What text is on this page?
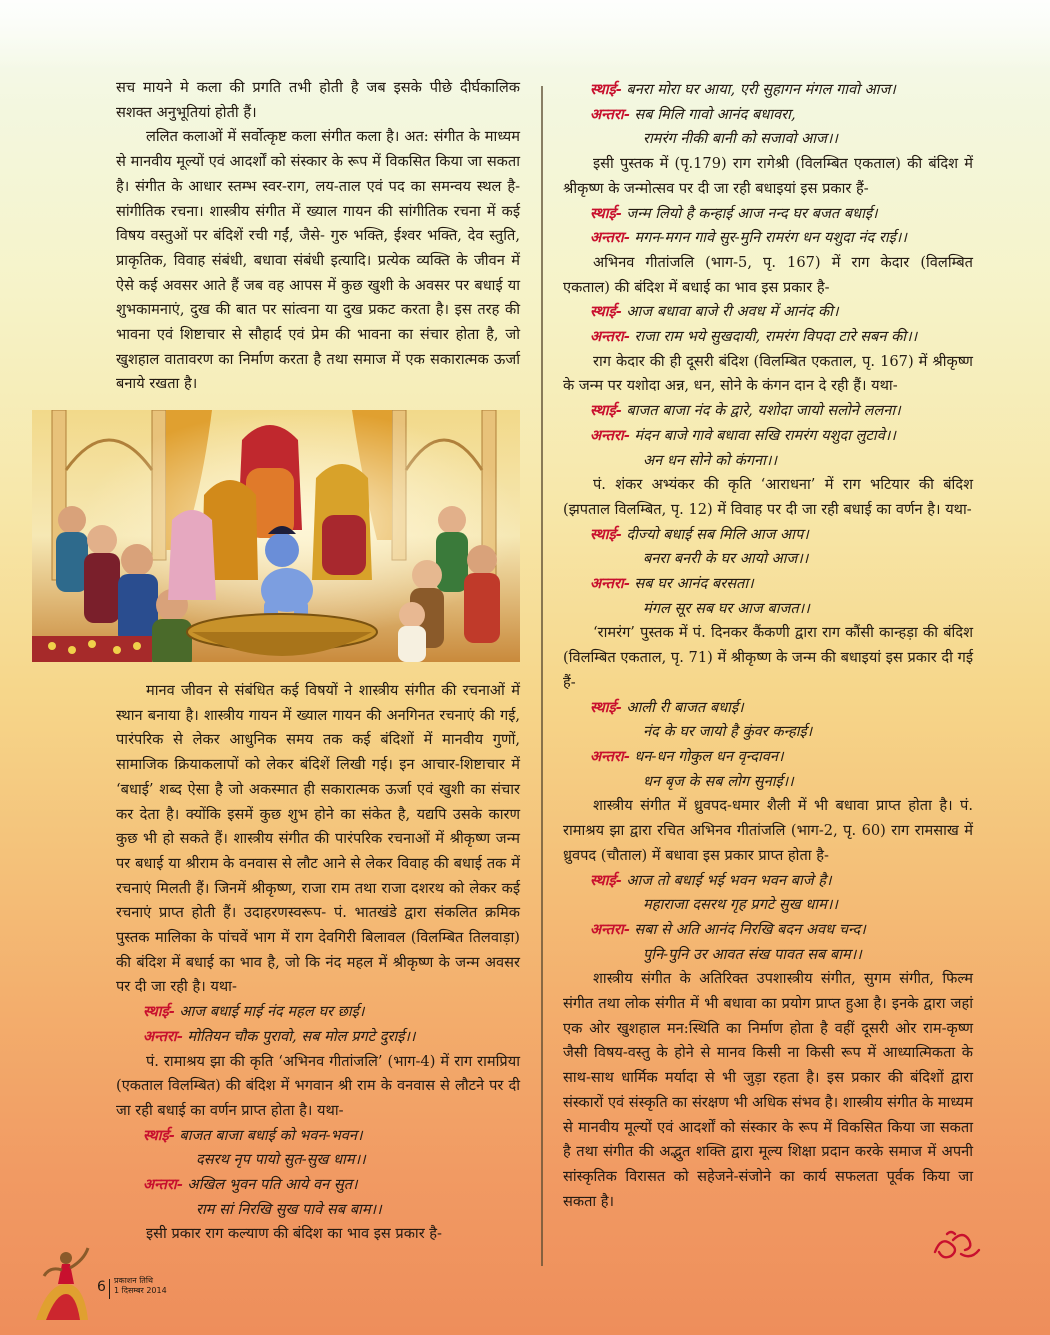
सच मायने मे कला की प्रगति तभी होती है जब इसके पीछे दीर्घकालिक सशक्त अनुभूतियां होती हैं।

ललित कलाओं में सर्वोत्कृष्ट कला संगीत कला है। अत: संगीत के माध्यम से मानवीय मूल्यों एवं आदर्शों को संस्कार के रूप में विकसित किया जा सकता है। संगीत के आधार स्तम्भ स्वर-राग, लय-ताल एवं पद का समन्वय स्थल है- सांगीतिक रचना। शास्त्रीय संगीत में ख्याल गायन की सांगीतिक रचना में कई विषय वस्तुओं पर बंदिशें रची गईं, जैसे- गुरु भक्ति, ईश्वर भक्ति, देव स्तुति, प्राकृतिक, विवाह संबंधी, बधावा संबंधी इत्यादि। प्रत्येक व्यक्ति के जीवन में ऐसे कई अवसर आते हैं जब वह आपस में कुछ खुशी के अवसर पर बधाई या शुभकामनाएं, दुख की बात पर सांत्वना या दुख प्रकट करता है। इस तरह की भावना एवं शिष्टाचार से सौहार्द एवं प्रेम की भावना का संचार होता है, जो खुशहाल वातावरण का निर्माण करता है तथा समाज में एक सकारात्मक ऊर्जा बनाये रखता है।

मानव जीवन से संबंधित कई विषयों ने शास्त्रीय संगीत की रचनाओं में स्थान बनाया है। शास्त्रीय गायन में ख्याल गायन की अनगिनत रचनाएं की गई, पारंपरिक से लेकर आधुनिक समय तक कई बंदिशों में मानवीय गुणों, सामाजिक क्रियाकलापों को लेकर बंदिशें लिखी गई। इन आचार-शिष्टाचार में ‘बधाई’ शब्द ऐसा है जो अकस्मात ही सकारात्मक ऊर्जा एवं खुशी का संचार कर देता है। क्योंकि इसमें कुछ शुभ होने का संकेत है, यद्यपि उसके कारण कुछ भी हो सकते हैं। शास्त्रीय संगीत की पारंपरिक रचनाओं में श्रीकृष्ण जन्म पर बधाई या श्रीराम के वनवास से लौट आने से लेकर विवाह की बधाई तक में रचनाएं मिलती हैं। जिनमें श्रीकृष्ण, राजा राम तथा राजा दशरथ को लेकर कई रचनाएं प्राप्त होती हैं। उदाहरणस्वरूप- पं. भातखंडे द्वारा संकलित क्रमिक पुस्तक मालिका के पांचवें भाग में राग देवगिरी बिलावल (विलम्बित तिलवाड़ा) की बंदिश में बधाई का भाव है, जो कि नंद महल में श्रीकृष्ण के जन्म अवसर पर दी जा रही है। यथा-

स्थाई- आज बधाई माई नंद महल घर छाई।
अन्तरा- मोतियन चौक पुरावो, सब मोल प्रगटे दुराई।।

पं. रामाश्रय झा की कृति ‘अभिनव गीतांजलि’ (भाग-4) में राग रामप्रिया (एकताल विलम्बित) की बंदिश में भगवान श्री राम के वनवास से लौटने पर दी जा रही बधाई का वर्णन प्राप्त होता है। यथा-

स्थाई- बाजत बाजा बधाई को भवन-भवन।
दसरथ नृप पायो सुत-सुख धाम।।
अन्तरा- अखिल भुवन पति आये वन सुत।
राम सां निरखि सुख पावे सब बाम।।

इसी प्रकार राग कल्याण की बंदिश का भाव इस प्रकार है-

स्थाई- बनरा मोरा घर आया, एरी सुहागन मंगल गावो आज।
अन्तरा- सब मिलि गावो आनंद बधावरा,
रामरंग नीकी बानी को सजावो आज।।

इसी पुस्तक में (पृ.179) राग रागेश्री (विलम्बित एकताल) की बंदिश में श्रीकृष्ण के जन्मोत्सव पर दी जा रही बधाइयां इस प्रकार हैं-

स्थाई- जन्म लियो है कन्हाई आज नन्द घर बजत बधाई।
अन्तरा- मगन-मगन गावे सुर-मुनि रामरंग धन यशुदा नंद राई।।

अभिनव गीतांजलि (भाग-5, पृ. 167) में राग केदार (विलम्बित एकताल) की बंदिश में बधाई का भाव इस प्रकार है-

स्थाई- आज बधावा बाजे री अवध में आनंद की।
अन्तरा- राजा राम भये सुखदायी, रामरंग विपदा टारे सबन की।।

राग केदार की ही दूसरी बंदिश (विलम्बित एकताल, पृ. 167) में श्रीकृष्ण के जन्म पर यशोदा अन्न, धन, सोने के कंगन दान दे रही हैं। यथा-

स्थाई- बाजत बाजा नंद के द्वारे, यशोदा जायो सलोने ललना।
अन्तरा- मंदन बाजे गावे बधावा सखि रामरंग यशुदा लुटावे।।
अन धन सोने को कंगना।।

पं. शंकर अभ्यंकर की कृति ‘आराधना’ में राग भटियार की बंदिश (झपताल विलम्बित, पृ. 12) में विवाह पर दी जा रही बधाई का वर्णन है। यथा-

स्थाई- दीज्यो बधाई सब मिलि आज आप।
बनरा बनरी के घर आयो आज।।
अन्तरा- सब घर आनंद बरसता।
मंगल सूर सब घर आज बाजत।।

‘रामरंग’ पुस्तक में पं. दिनकर कैंकणी द्वारा राग कौंसी कान्हड़ा की बंदिश (विलम्बित एकताल, पृ. 71) में श्रीकृष्ण के जन्म की बधाइयां इस प्रकार दी गई हैं-

स्थाई- आली री बाजत बधाई।
नंद के घर जायो है कुंवर कन्हाई।
अन्तरा- धन-धन गोकुल धन वृन्दावन।
धन बृज के सब लोग सुनाई।।

शास्त्रीय संगीत में ध्रुवपद-धमार शैली में भी बधावा प्राप्त होता है। पं. रामाश्रय झा द्वारा रचित अभिनव गीतांजलि (भाग-2, पृ. 60) राग रामसाख में ध्रुवपद (चौताल) में बधावा इस प्रकार प्राप्त होता है-

स्थाई- आज तो बधाई भई भवन भवन बाजे है।
महाराजा दसरथ गृह प्रगटे सुख धाम।।
अन्तरा- सबा से अति आनंद निरखि बदन अवध चन्द।
पुनि-पुनि उर आवत संख पावत सब बाम।।

शास्त्रीय संगीत के अतिरिक्त उपशास्त्रीय संगीत, सुगम संगीत, फिल्म संगीत तथा लोक संगीत में भी बधावा का प्रयोग प्राप्त हुआ है। इनके द्वारा जहां एक ओर खुशहाल मन:स्थिति का निर्माण होता है वहीं दूसरी ओर राम-कृष्ण जैसी विषय-वस्तु के होने से मानव किसी ना किसी रूप में आध्यात्मिकता के साथ-साथ धार्मिक मर्यादा से भी जुड़ा रहता है। इस प्रकार की बंदिशों द्वारा संस्कारों एवं संस्कृति का संरक्षण भी अधिक संभव है। शास्त्रीय संगीत के माध्यम से मानवीय मूल्यों एवं आदर्शों को संस्कार के रूप में विकसित किया जा सकता है तथा संगीत की अद्भुत शक्ति द्वारा मूल्य शिक्षा प्रदान करके समाज में अपनी सांस्कृतिक विरासत को सहेजने-संजोने का कार्य सफलता पूर्वक किया जा सकता है।

6 प्रकाशन तिथि
1 दिसम्बर 2014
